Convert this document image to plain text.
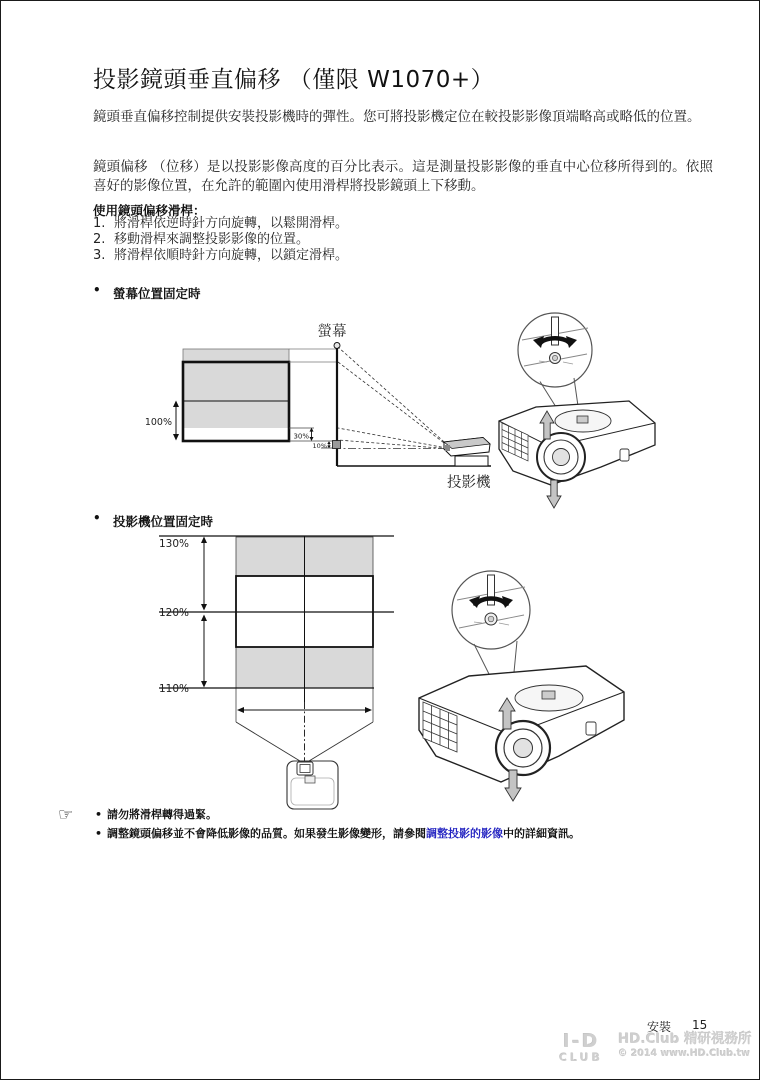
投影鏡頭垂直偏移 （僅限 W1070+）

鏡頭垂直偏移控制提供安裝投影機時的彈性。您可將投影機定位在較投影影像頂端略高或略低的位置。

鏡頭偏移 （位移）是以投影影像高度的百分比表示。這是測量投影影像的垂直中心位移所得到的。依照喜好的影像位置，在允許的範圍內使用滑桿將投影鏡頭上下移動。

使用鏡頭偏移滑桿：
1. 將滑桿依逆時針方向旋轉，以鬆開滑桿。
2. 移動滑桿來調整投影影像的位置。
3. 將滑桿依順時針方向旋轉，以鎖定滑桿。
• 螢幕位置固定時
100%
30%
10%
螢幕
投影機
• 投影機位置固定時
130%
120%
110%
☞ • 請勿將滑桿轉得過緊。
• 調整鏡頭偏移並不會降低影像的品質。如果發生影像變形，請參閱調整投影的影像中的詳細資訊。
安裝 15
I-D
CLUB
HD.Club 精研視務所
© 2014 www.HD.Club.tw
